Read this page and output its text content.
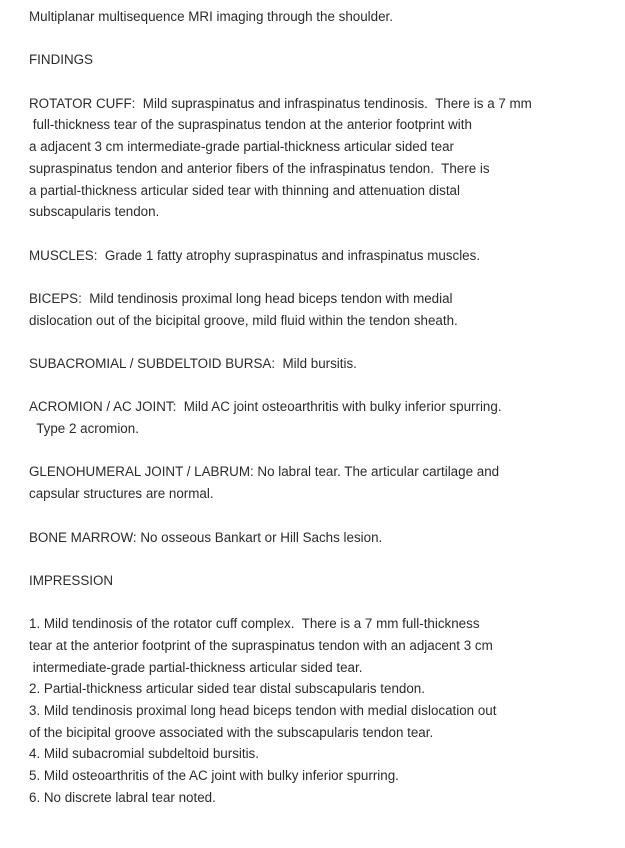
Multiplanar multisequence MRI imaging through the shoulder.
FINDINGS
ROTATOR CUFF:  Mild supraspinatus and infraspinatus tendinosis.  There is a 7 mm
full-thickness tear of the supraspinatus tendon at the anterior footprint with
a adjacent 3 cm intermediate-grade partial-thickness articular sided tear
supraspinatus tendon and anterior fibers of the infraspinatus tendon.  There is
a partial-thickness articular sided tear with thinning and attenuation distal
subscapularis tendon.
MUSCLES:  Grade 1 fatty atrophy supraspinatus and infraspinatus muscles.
BICEPS:  Mild tendinosis proximal long head biceps tendon with medial
dislocation out of the bicipital groove, mild fluid within the tendon sheath.
SUBACROMIAL / SUBDELTOID BURSA:  Mild bursitis.
ACROMION / AC JOINT:  Mild AC joint osteoarthritis with bulky inferior spurring.
Type 2 acromion.
GLENOHUMERAL JOINT / LABRUM: No labral tear. The articular cartilage and
capsular structures are normal.
BONE MARROW: No osseous Bankart or Hill Sachs lesion.
IMPRESSION
1. Mild tendinosis of the rotator cuff complex.  There is a 7 mm full-thickness
tear at the anterior footprint of the supraspinatus tendon with an adjacent 3 cm
intermediate-grade partial-thickness articular sided tear.
2. Partial-thickness articular sided tear distal subscapularis tendon.
3. Mild tendinosis proximal long head biceps tendon with medial dislocation out
of the bicipital groove associated with the subscapularis tendon tear.
4. Mild subacromial subdeltoid bursitis.
5. Mild osteoarthritis of the AC joint with bulky inferior spurring.
6. No discrete labral tear noted.
